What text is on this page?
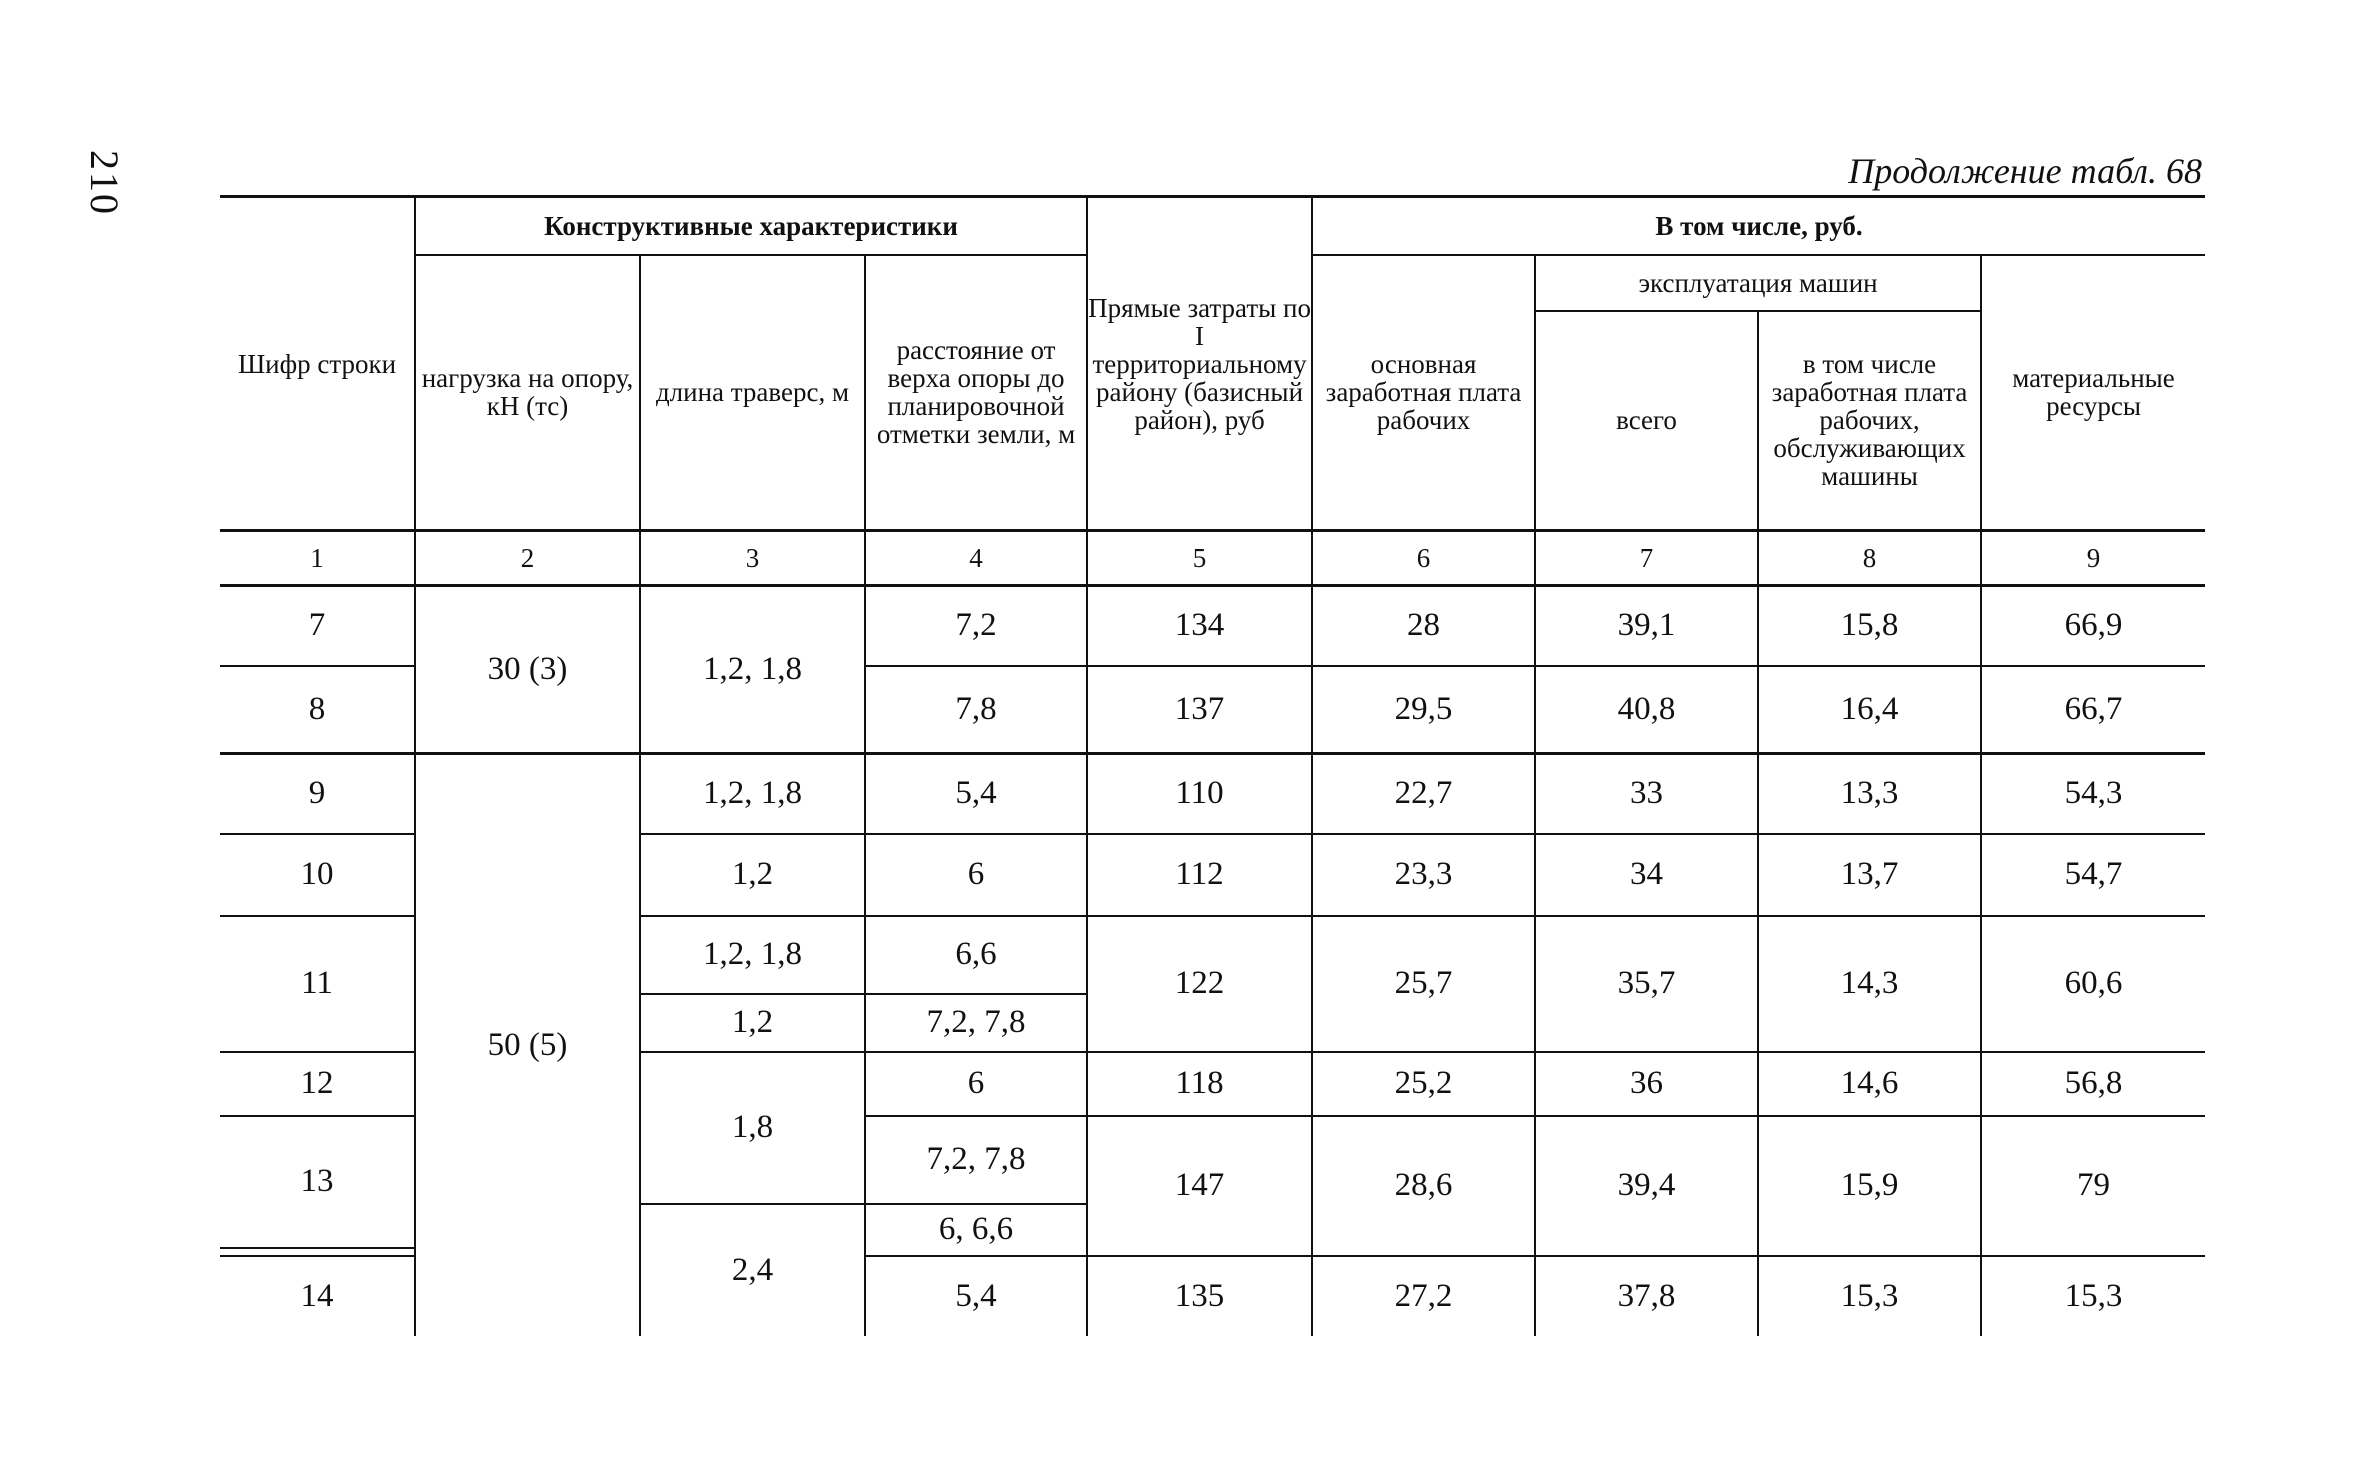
210	Продолжение табл. 68
Шифр строки	Конструктивные характеристики			Прямые затраты по I территориальному району (базисный район), руб	В том числе, руб.			
	нагрузка на опору, кН (тс)	длина траверс, м	расстояние от верха опоры до планировочной отметки земли, м		основная заработная плата рабочих	эксплуатация машин		материальные ресурсы
						всего	в том числе заработная плата рабочих, обслуживающих машины	
1	2	3	4	5	6	7	8	9
7	30 (3)	1,2, 1,8	7,2	134	28	39,1	15,8	66,9
8			7,8	137	29,5	40,8	16,4	66,7
9	50 (5)	1,2, 1,8	5,4	110	22,7	33	13,3	54,3
10		1,2	6	112	23,3	34	13,7	54,7
11		1,2, 1,8	6,6	122	25,7	35,7	14,3	60,6
		1,2	7,2, 7,8					
12		1,8	6	118	25,2	36	14,6	56,8
13			7,2, 7,8	147	28,6	39,4	15,9	79

		2,4	6, 6,6					

14			5,4	135	27,2	37,8	15,3	15,3
